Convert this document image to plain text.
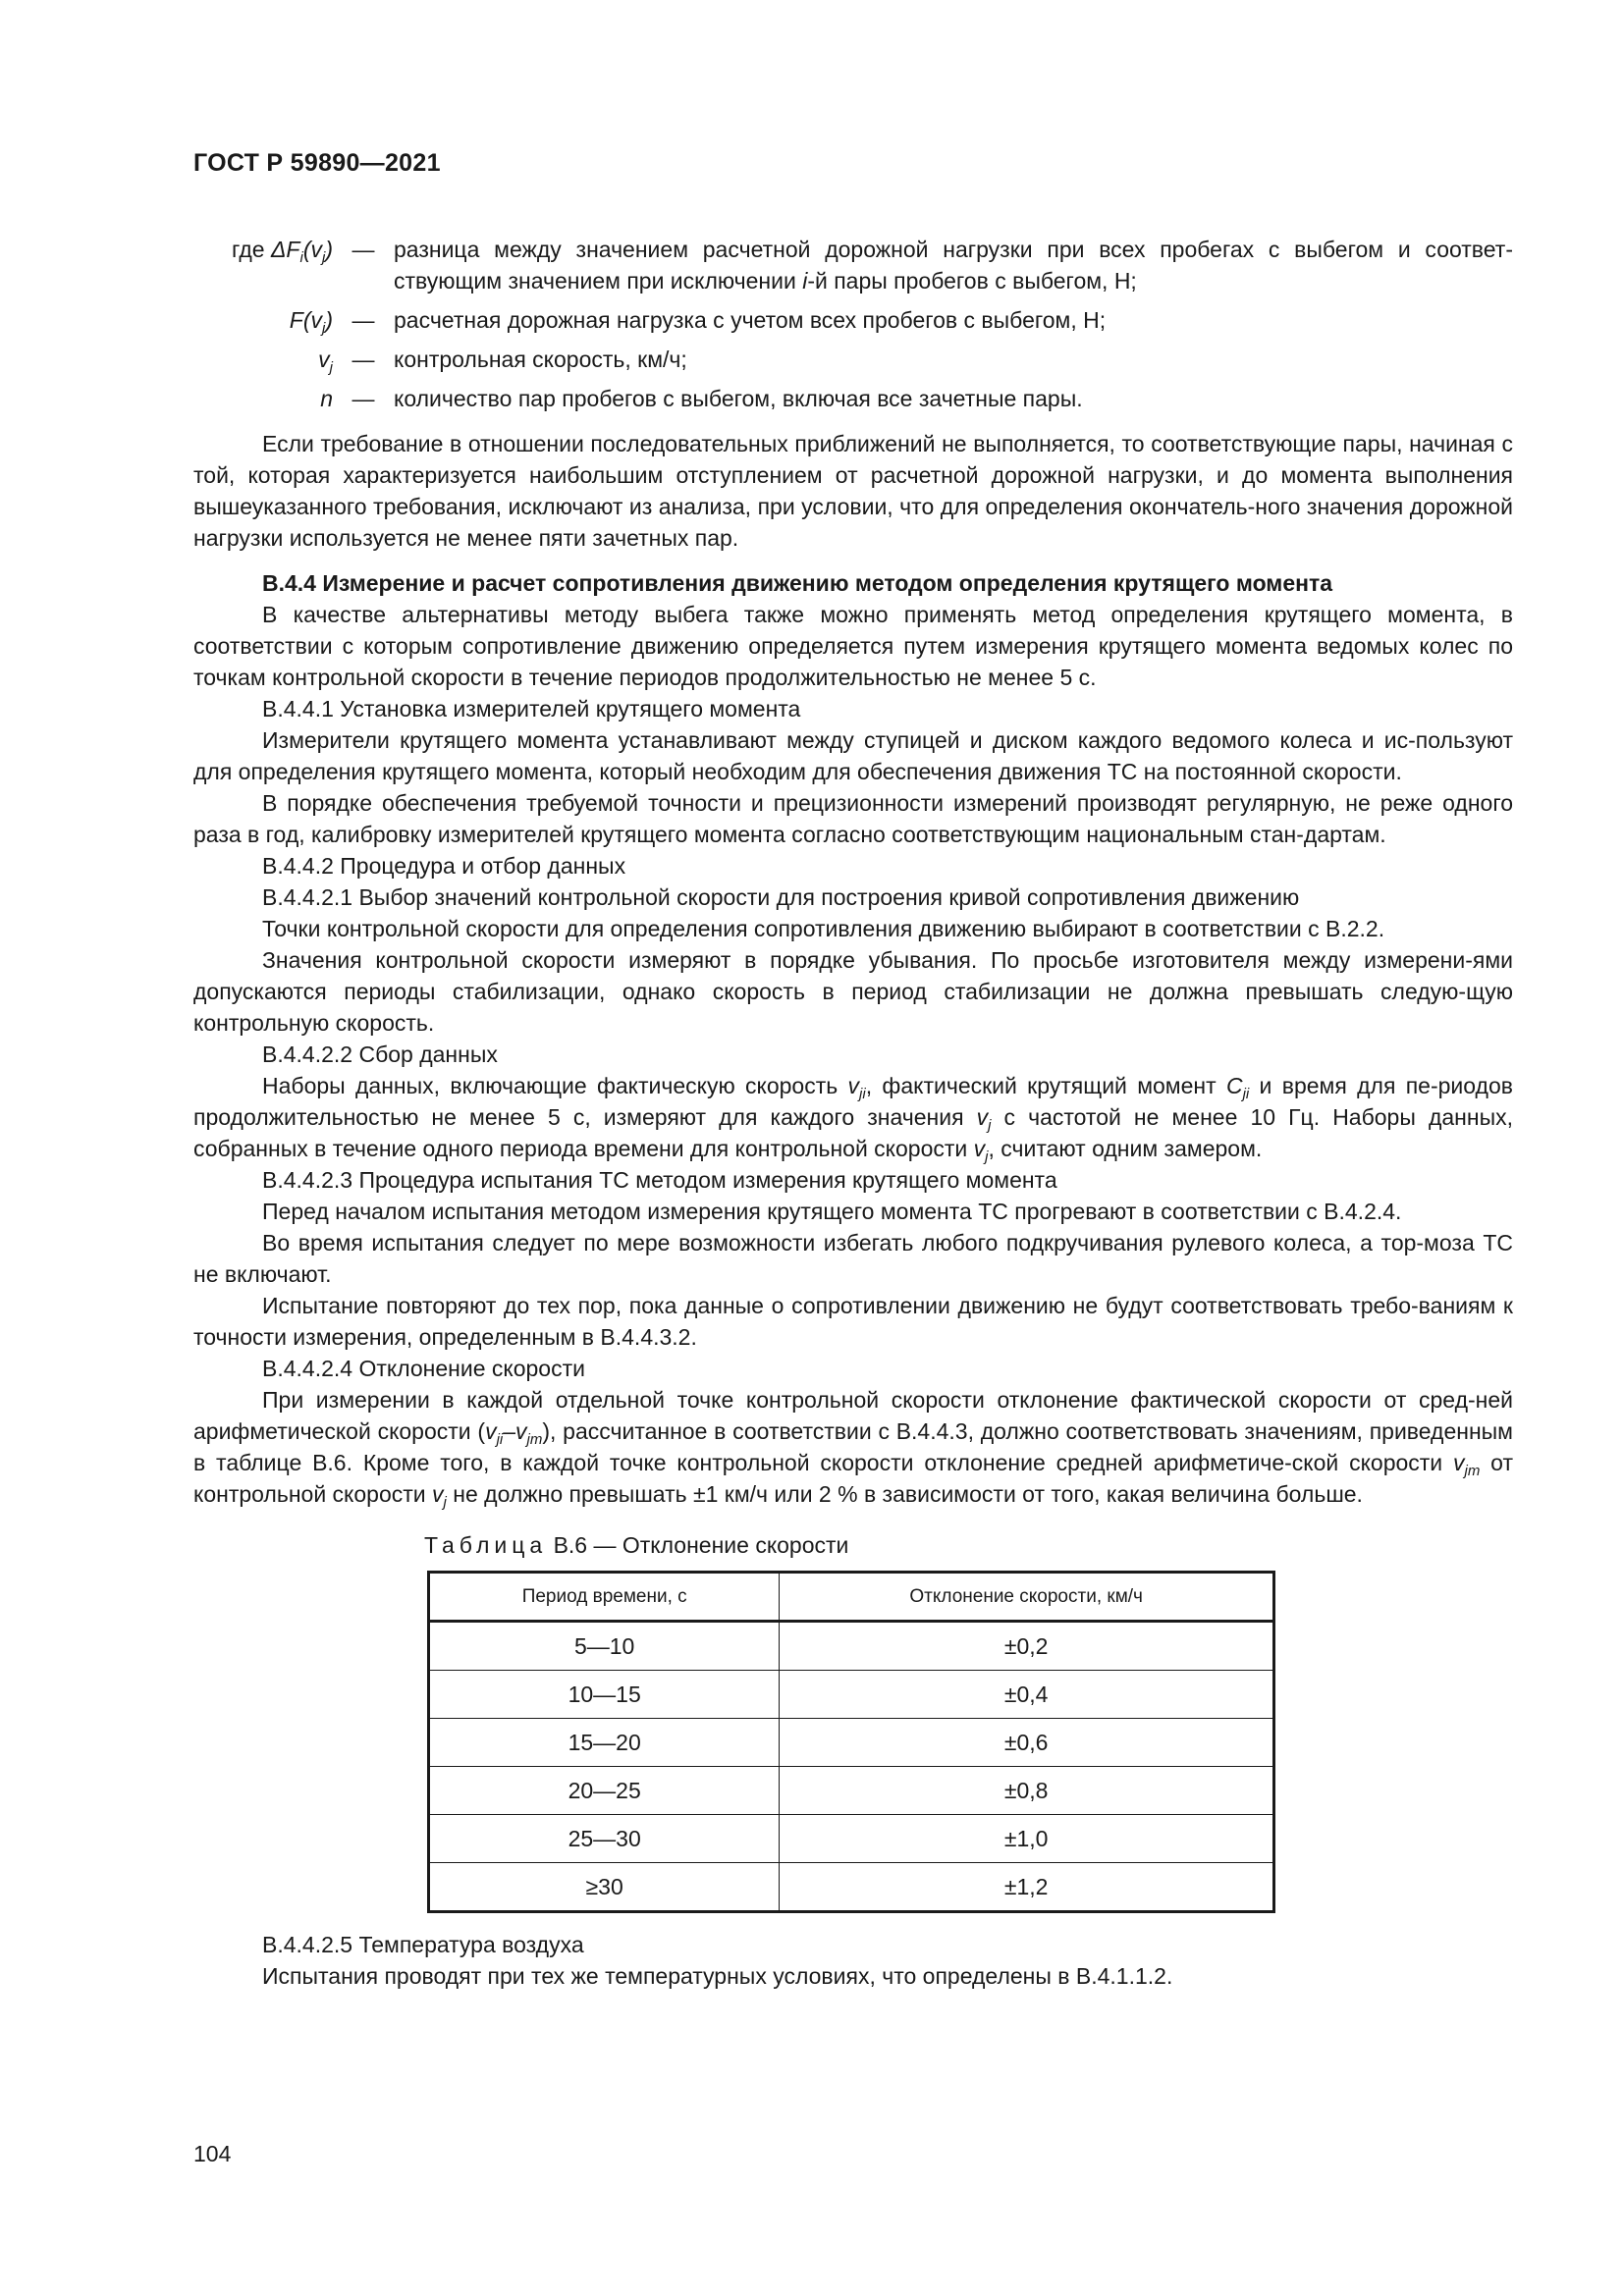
ГОСТ Р 59890—2021
где $\Delta F_i(v_j)$ — разница между значением расчетной дорожной нагрузки при всех пробегах с выбегом и соответ-ствующим значением при исключении i-й пары пробегов с выбегом, Н;
$F(v_j)$ — расчетная дорожная нагрузка с учетом всех пробегов с выбегом, Н;
$v_j$ — контрольная скорость, км/ч;
n — количество пар пробегов с выбегом, включая все зачетные пары.

Если требование в отношении последовательных приближений не выполняется, то соответствующие пары, начиная с той, которая характеризуется наибольшим отступлением от расчетной дорожной нагрузки, и до момента выполнения вышеуказанного требования, исключают из анализа, при условии, что для определения окончатель-ного значения дорожной нагрузки используется не менее пяти зачетных пар.

В.4.4 Измерение и расчет сопротивления движению методом определения крутящего момента

В качестве альтернативы методу выбега также можно применять метод определения крутящего момента, в соответствии с которым сопротивление движению определяется путем измерения крутящего момента ведомых колес по точкам контрольной скорости в течение периодов продолжительностью не менее 5 с.

В.4.4.1 Установка измерителей крутящего момента

Измерители крутящего момента устанавливают между ступицей и диском каждого ведомого колеса и ис-пользуют для определения крутящего момента, который необходим для обеспечения движения ТС на постоянной скорости.

В порядке обеспечения требуемой точности и прецизионности измерений производят регулярную, не реже одного раза в год, калибровку измерителей крутящего момента согласно соответствующим национальным стан-дартам.

В.4.4.2 Процедура и отбор данных

В.4.4.2.1 Выбор значений контрольной скорости для построения кривой сопротивления движению

Точки контрольной скорости для определения сопротивления движению выбирают в соответствии с В.2.2.

Значения контрольной скорости измеряют в порядке убывания. По просьбе изготовителя между измерени-ями допускаются периоды стабилизации, однако скорость в период стабилизации не должна превышать следую-щую контрольную скорость.

В.4.4.2.2 Сбор данных

Наборы данных, включающие фактическую скорость $v_{ji}$, фактический крутящий момент $C_{ji}$ и время для пе-риодов продолжительностью не менее 5 с, измеряют для каждого значения $v_j$ с частотой не менее 10 Гц. Наборы данных, собранных в течение одного периода времени для контрольной скорости $v_j$, считают одним замером.

В.4.4.2.3 Процедура испытания ТС методом измерения крутящего момента

Перед началом испытания методом измерения крутящего момента ТС прогревают в соответствии с В.4.2.4.

Во время испытания следует по мере возможности избегать любого подкручивания рулевого колеса, а тор-моза ТС не включают.

Испытание повторяют до тех пор, пока данные о сопротивлении движению не будут соответствовать требо-ваниям к точности измерения, определенным в В.4.4.3.2.

В.4.4.2.4 Отклонение скорости

При измерении в каждой отдельной точке контрольной скорости отклонение фактической скорости от сред-ней арифметической скорости $(v_{ji}-v_{jm})$, рассчитанное в соответствии с В.4.4.3, должно соответствовать значениям, приведенным в таблице В.6. Кроме того, в каждой точке контрольной скорости отклонение средней арифметиче-ской скорости $v_{jm}$ от контрольной скорости $v_j$ не должно превышать ±1 км/ч или 2 % в зависимости от того, какая величина больше.

Таблица В.6 — Отклонение скорости

Период времени, с	Отклонение скорости, км/ч
5—10	±0,2
10—15	±0,4
15—20	±0,6
20—25	±0,8
25—30	±1,0
≥30	±1,2

В.4.4.2.5 Температура воздуха

Испытания проводят при тех же температурных условиях, что определены в В.4.1.1.2.

104
